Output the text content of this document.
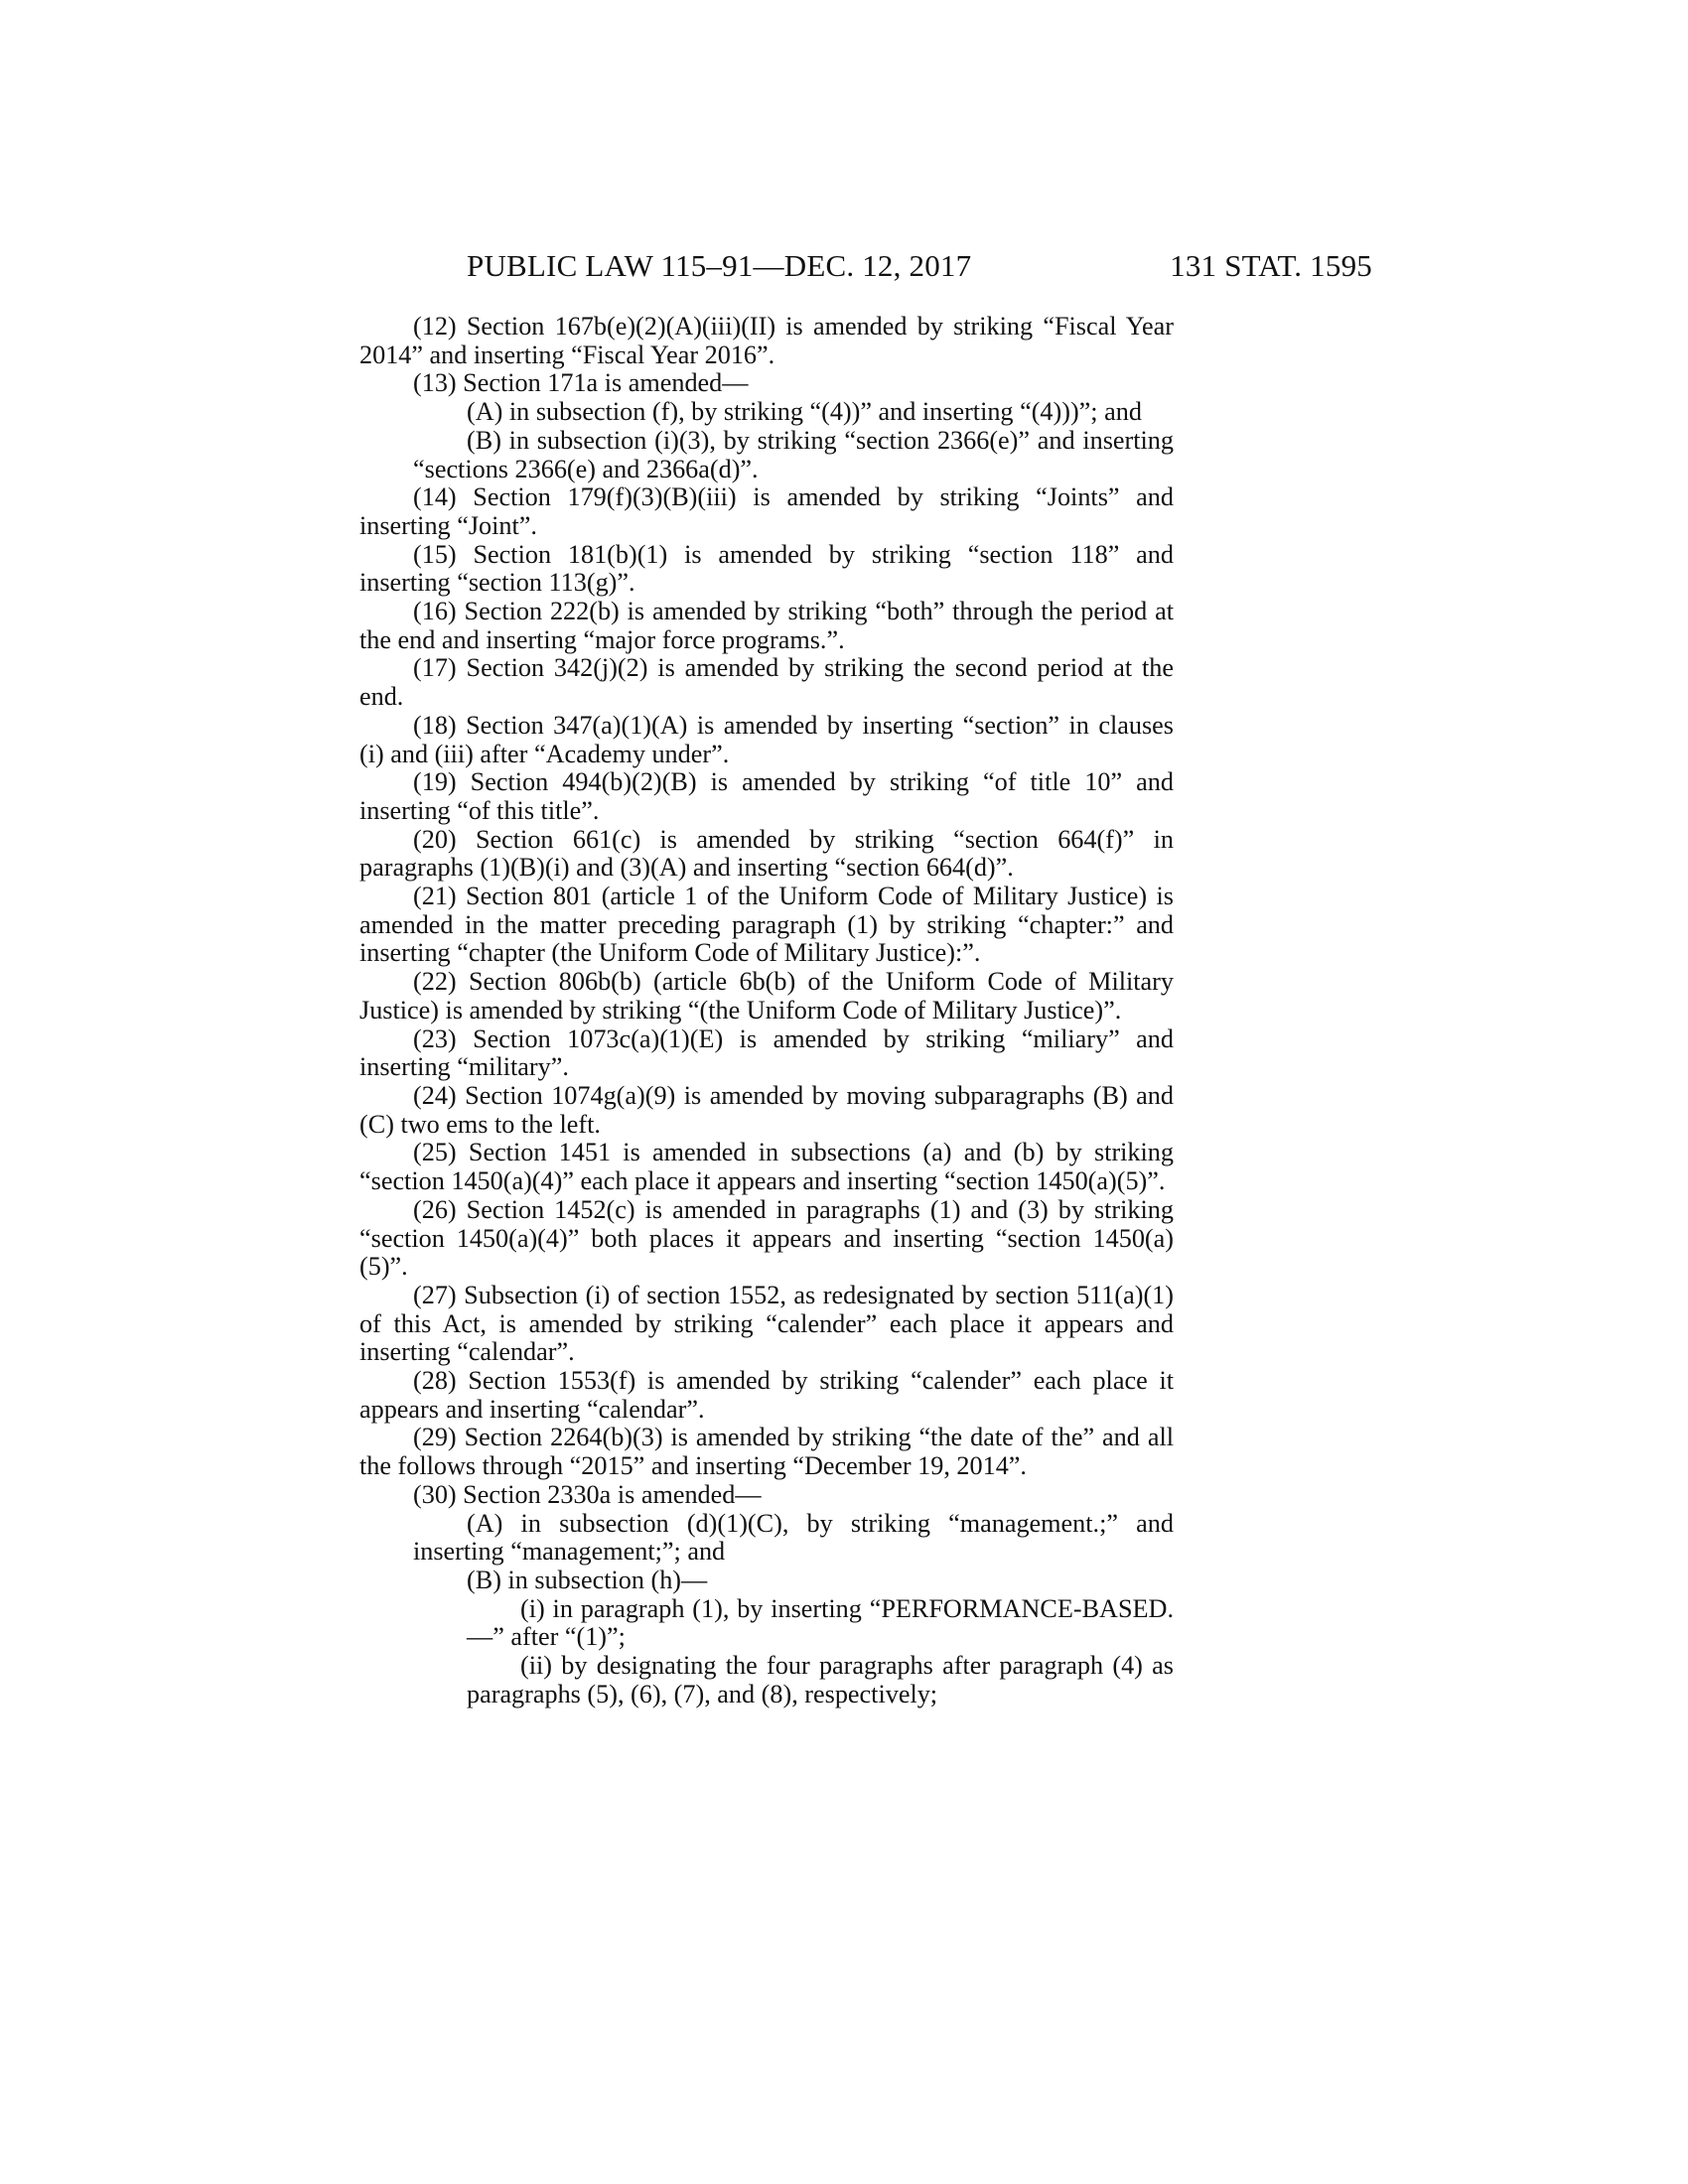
PUBLIC LAW 115–91—DEC. 12, 2017	131 STAT. 1595

(12) Section 167b(e)(2)(A)(iii)(II) is amended by striking “Fiscal Year 2014” and inserting “Fiscal Year 2016”.

(13) Section 171a is amended—

(A) in subsection (f), by striking “(4))” and inserting “(4)))”; and

(B) in subsection (i)(3), by striking “section 2366(e)” and inserting “sections 2366(e) and 2366a(d)”.

(14) Section 179(f)(3)(B)(iii) is amended by striking “Joints” and inserting “Joint”.

(15) Section 181(b)(1) is amended by striking “section 118” and inserting “section 113(g)”.

(16) Section 222(b) is amended by striking “both” through the period at the end and inserting “major force programs.”.

(17) Section 342(j)(2) is amended by striking the second period at the end.

(18) Section 347(a)(1)(A) is amended by inserting “section” in clauses (i) and (iii) after “Academy under”.

(19) Section 494(b)(2)(B) is amended by striking “of title 10” and inserting “of this title”.

(20) Section 661(c) is amended by striking “section 664(f)” in paragraphs (1)(B)(i) and (3)(A) and inserting “section 664(d)”.

(21) Section 801 (article 1 of the Uniform Code of Military Justice) is amended in the matter preceding paragraph (1) by striking “chapter:” and inserting “chapter (the Uniform Code of Military Justice):”.

(22) Section 806b(b) (article 6b(b) of the Uniform Code of Military Justice) is amended by striking “(the Uniform Code of Military Justice)”.

(23) Section 1073c(a)(1)(E) is amended by striking “miliary” and inserting “military”.

(24) Section 1074g(a)(9) is amended by moving subparagraphs (B) and (C) two ems to the left.

(25) Section 1451 is amended in subsections (a) and (b) by striking “section 1450(a)(4)” each place it appears and inserting “section 1450(a)(5)”.

(26) Section 1452(c) is amended in paragraphs (1) and (3) by striking “section 1450(a)(4)” both places it appears and inserting “section 1450(a)(5)”.

(27) Subsection (i) of section 1552, as redesignated by section 511(a)(1) of this Act, is amended by striking “calender” each place it appears and inserting “calendar”.

(28) Section 1553(f) is amended by striking “calender” each place it appears and inserting “calendar”.

(29) Section 2264(b)(3) is amended by striking “the date of the” and all the follows through “2015” and inserting “December 19, 2014”.

(30) Section 2330a is amended—

(A) in subsection (d)(1)(C), by striking “management.;” and inserting “management;”; and

(B) in subsection (h)—

(i) in paragraph (1), by inserting “PERFORMANCE-BASED.—” after “(1)”;

(ii) by designating the four paragraphs after paragraph (4) as paragraphs (5), (6), (7), and (8), respectively;
